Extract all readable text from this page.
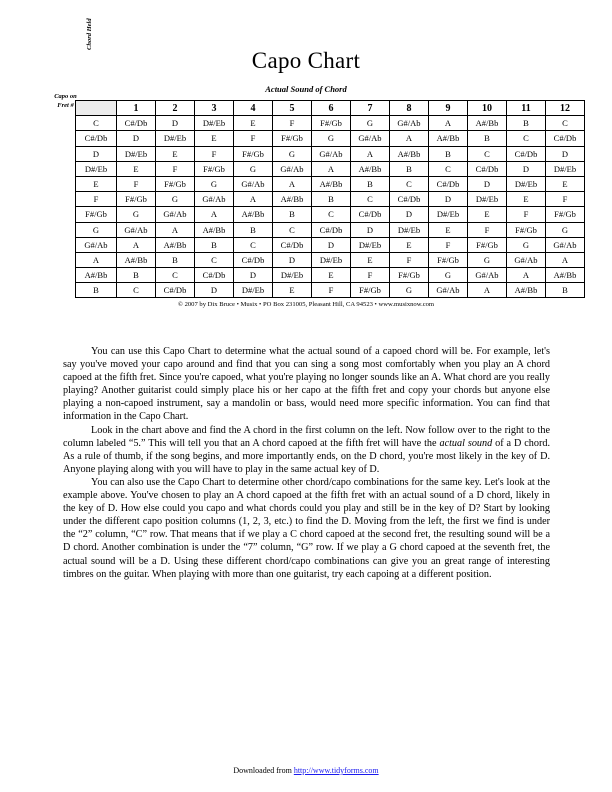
Capo Chart
Actual Sound of Chord
Chord Held
Capo on
Fret #
		1	2	3	4	5	6	7	8	9	10	11	12
C	C#/Db	D	D#/Eb	E	F	F#/Gb	G	G#/Ab	A	A#/Bb	B	C
C#/Db	D	D#/Eb	E	F	F#/Gb	G	G#/Ab	A	A#/Bb	B	C	C#/Db
D	D#/Eb	E	F	F#/Gb	G	G#/Ab	A	A#/Bb	B	C	C#/Db	D
D#/Eb	E	F	F#/Gb	G	G#/Ab	A	A#/Bb	B	C	C#/Db	D	D#/Eb
E	F	F#/Gb	G	G#/Ab	A	A#/Bb	B	C	C#/Db	D	D#/Eb	E
F	F#/Gb	G	G#/Ab	A	A#/Bb	B	C	C#/Db	D	D#/Eb	E	F
F#/Gb	G	G#/Ab	A	A#/Bb	B	C	C#/Db	D	D#/Eb	E	F	F#/Gb
G	G#/Ab	A	A#/Bb	B	C	C#/Db	D	D#/Eb	E	F	F#/Gb	G
G#/Ab	A	A#/Bb	B	C	C#/Db	D	D#/Eb	E	F	F#/Gb	G	G#/Ab
A	A#/Bb	B	C	C#/Db	D	D#/Eb	E	F	F#/Gb	G	G#/Ab	A
A#/Bb	B	C	C#/Db	D	D#/Eb	E	F	F#/Gb	G	G#/Ab	A	A#/Bb
B	C	C#/Db	D	D#/Eb	E	F	F#/Gb	G	G#/Ab	A	A#/Bb	B
© 2007 by Dix Bruce • Musix • PO Box 231005, Pleasant Hill, CA 94523 • www.musixnow.com

You can use this Capo Chart to determine what the actual sound of a capoed chord will be. For example, let's say you've moved your capo around and find that you can sing a song most comfortably when you play an A chord capoed at the fifth fret. Since you're capoed, what you're playing no longer sounds like an A. What chord are you really playing? Another guitarist could simply place his or her capo at the fifth fret and copy your chords but anyone else playing a non-capoed instrument, say a mandolin or bass, would need more specific information. You can find that information in the Capo Chart.

Look in the chart above and find the A chord in the first column on the left. Now follow over to the right to the column labeled “5.” This will tell you that an A chord capoed at the fifth fret will have the actual sound of a D chord. As a rule of thumb, if the song begins, and more importantly ends, on the D chord, you're most likely in the key of D. Anyone playing along with you will have to play in the same actual key of D.

You can also use the Capo Chart to determine other chord/capo combinations for the same key. Let's look at the example above. You've chosen to play an A chord capoed at the fifth fret with an actual sound of a D chord, likely in the key of D. How else could you capo and what chords could you play and still be in the key of D? Start by looking under the different capo position columns (1, 2, 3, etc.) to find the D. Moving from the left, the first we find is under the “2” column, “C” row. That means that if we play a C chord capoed at the second fret, the resulting sound will be a D chord. Another combination is under the “7” column, “G” row. If we play a G chord capoed at the seventh fret, the actual sound will be a D. Using these different chord/capo combinations can give you an great range of interesting timbres on the guitar. When playing with more than one guitarist, try each capoing at a different position.

Downloaded from http://www.tidyforms.com
